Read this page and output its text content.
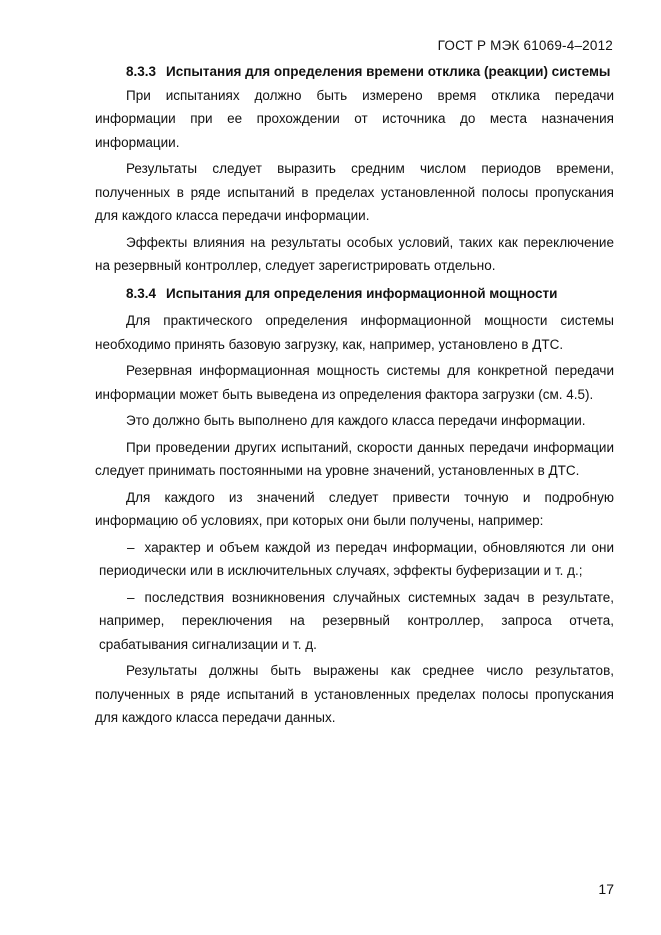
ГОСТ Р МЭК 61069-4–2012

8.3.3 Испытания для определения времени отклика (реакции) системы

При испытаниях должно быть измерено время отклика передачи информации при ее прохождении от источника до места назначения информации.

Результаты следует выразить средним числом периодов времени, полученных в ряде испытаний в пределах установленной полосы пропускания для каждого класса передачи информации.

Эффекты влияния на результаты особых условий, таких как переключение на резервный контроллер, следует зарегистрировать отдельно.

8.3.4 Испытания для определения информационной мощности

Для практического определения информационной мощности системы необходимо принять базовую загрузку, как, например, установлено в ДТС.

Резервная информационная мощность системы для конкретной передачи информации может быть выведена из определения фактора загрузки (см. 4.5).

Это должно быть выполнено для каждого класса передачи информации.

При проведении других испытаний, скорости данных передачи информации следует принимать постоянными на уровне значений, установленных в ДТС.

Для каждого из значений следует привести точную и подробную информацию об условиях, при которых они были получены, например:

– характер и объем каждой из передач информации, обновляются ли они периодически или в исключительных случаях, эффекты буферизации и т. д.;

– последствия возникновения случайных системных задач в результате, например, переключения на резервный контроллер, запроса отчета, срабатывания сигнализации и т. д.

Результаты должны быть выражены как среднее число результатов, полученных в ряде испытаний в установленных пределах полосы пропускания для каждого класса передачи данных.

17
